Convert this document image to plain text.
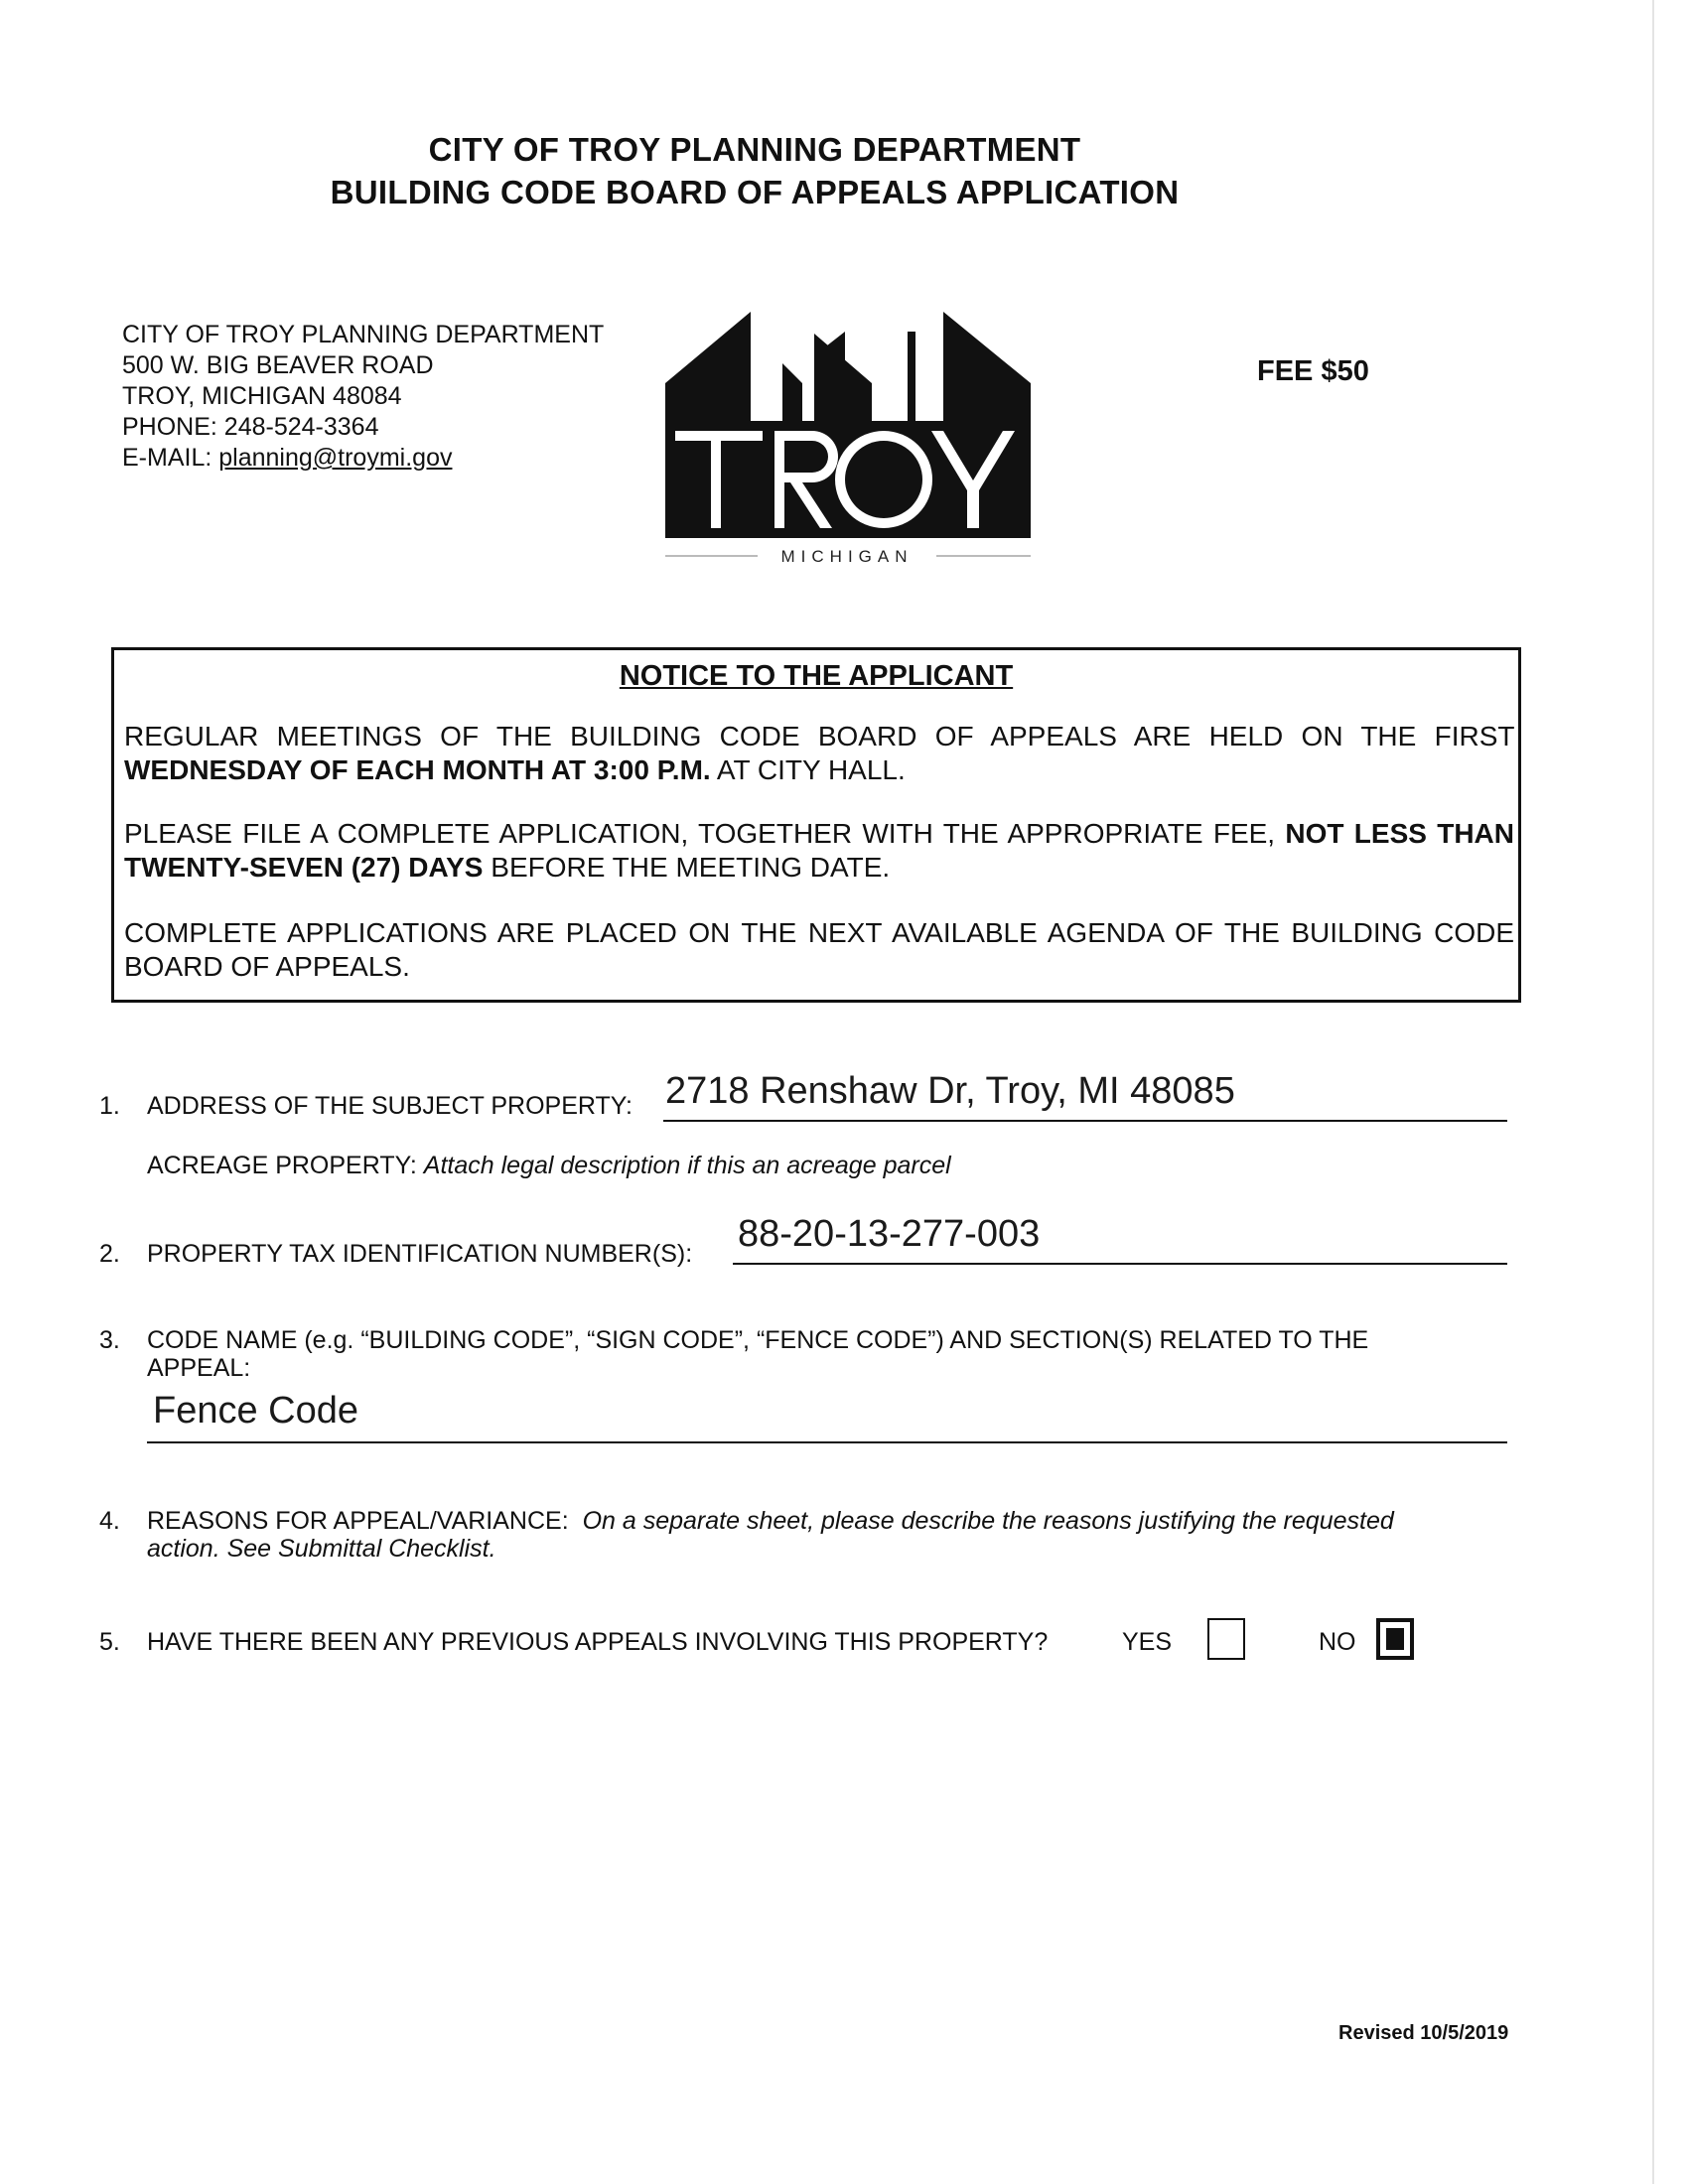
CITY OF TROY PLANNING DEPARTMENT
BUILDING CODE BOARD OF APPEALS APPLICATION
CITY OF TROY PLANNING DEPARTMENT
500 W. BIG BEAVER ROAD
TROY, MICHIGAN 48084
PHONE: 248-524-3364
E-MAIL: planning@troymi.gov
MICHIGAN
FEE $50
NOTICE TO THE APPLICANT
REGULAR MEETINGS OF THE BUILDING CODE BOARD OF APPEALS ARE HELD ON THE FIRST WEDNESDAY OF EACH MONTH AT 3:00 P.M. AT CITY HALL.
PLEASE FILE A COMPLETE APPLICATION, TOGETHER WITH THE APPROPRIATE FEE, NOT LESS THAN TWENTY-SEVEN (27) DAYS BEFORE THE MEETING DATE.
COMPLETE APPLICATIONS ARE PLACED ON THE NEXT AVAILABLE AGENDA OF THE BUILDING CODE BOARD OF APPEALS.
1. ADDRESS OF THE SUBJECT PROPERTY: 2718 Renshaw Dr, Troy, MI 48085
ACREAGE PROPERTY: Attach legal description if this an acreage parcel
2. PROPERTY TAX IDENTIFICATION NUMBER(S): 88-20-13-277-003
3. CODE NAME (e.g. “BUILDING CODE”, “SIGN CODE”, “FENCE CODE”) AND SECTION(S) RELATED TO THE
APPEAL:
Fence Code
4. REASONS FOR APPEAL/VARIANCE: On a separate sheet, please describe the reasons justifying the requested
action. See Submittal Checklist.
5. HAVE THERE BEEN ANY PREVIOUS APPEALS INVOLVING THIS PROPERTY?	YES	NO
Revised 10/5/2019
